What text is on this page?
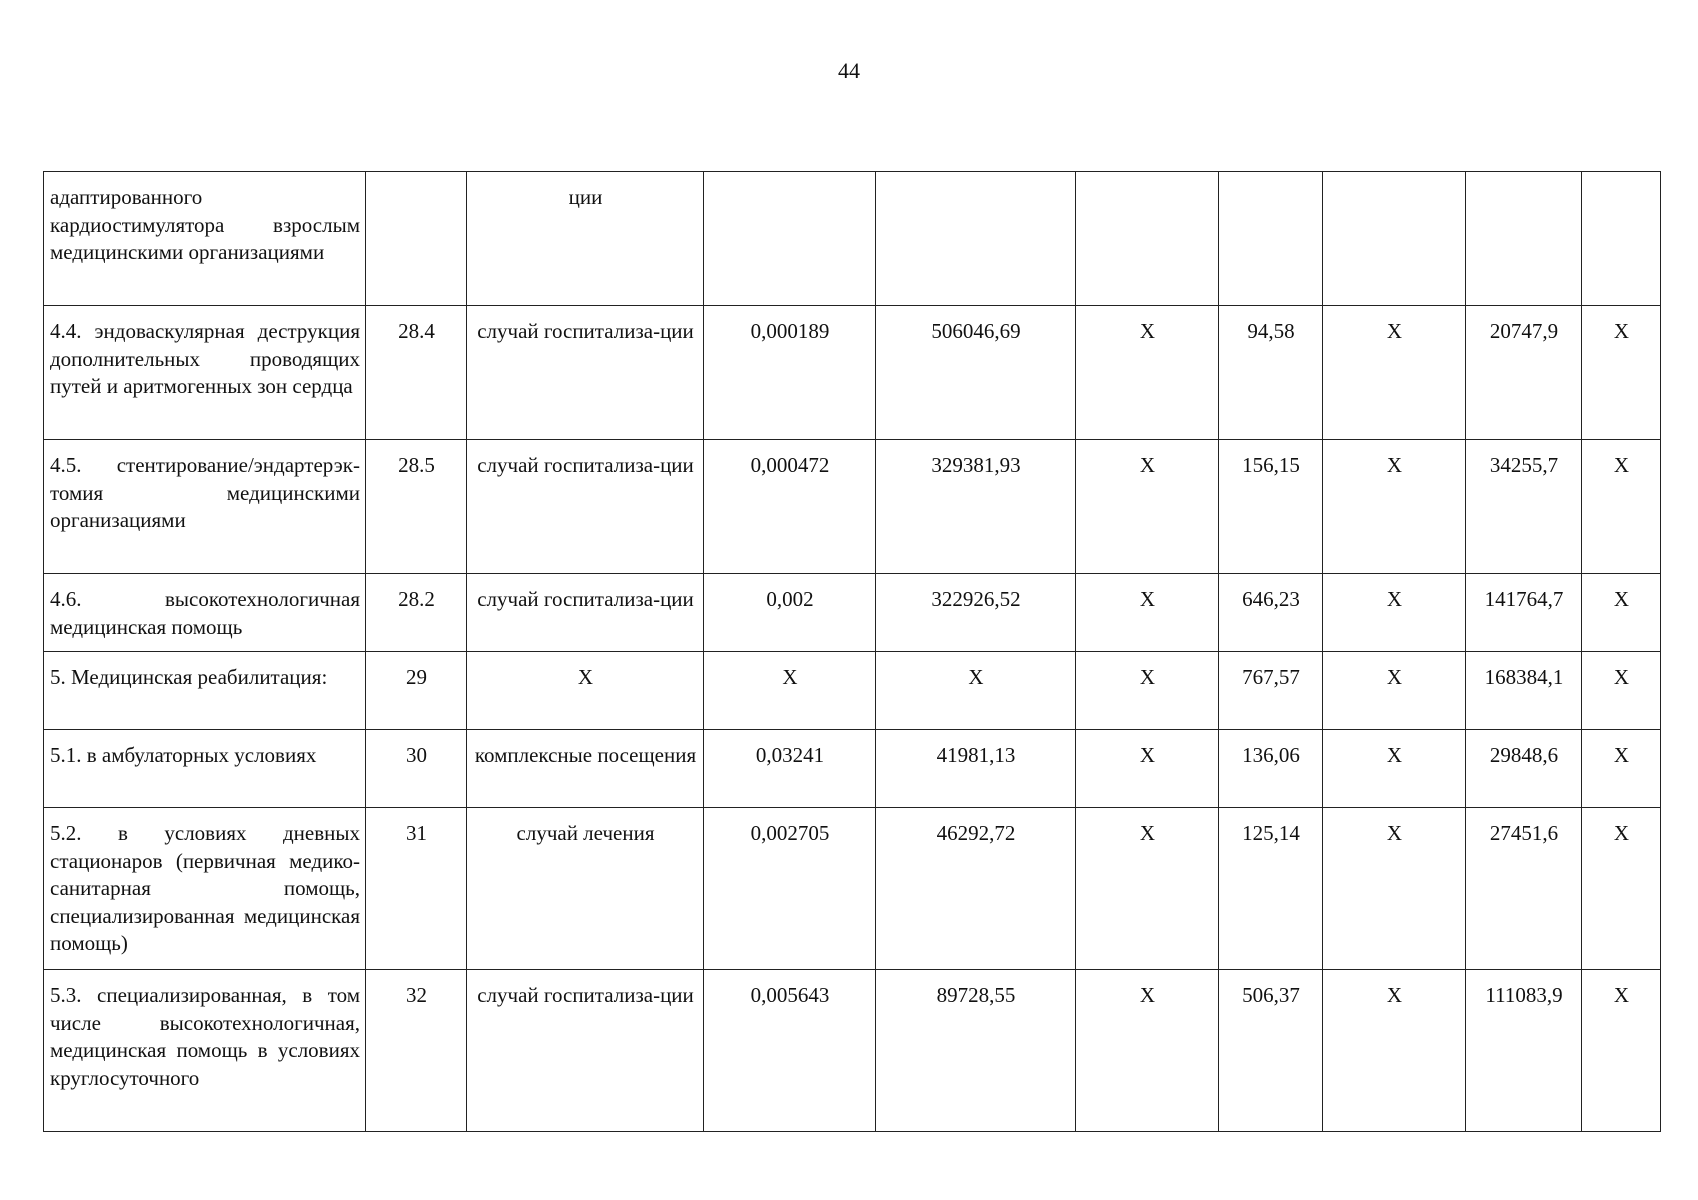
44
адаптированного кардиостимулятора взрослым медицинскими организациями		ции							
4.4. эндоваскулярная деструкция дополнительных проводящих путей и аритмогенных зон сердца	28.4	случай госпитализа-ции	0,000189	506046,69	X	94,58	X	20747,9	X
4.5. стентирование/эндартерэк-томия медицинскими организациями	28.5	случай госпитализа-ции	0,000472	329381,93	X	156,15	X	34255,7	X
4.6. высокотехнологичная медицинская помощь	28.2	случай госпитализа-ции	0,002	322926,52	X	646,23	X	141764,7	X
5. Медицинская реабилитация:	29	X	X	X	X	767,57	X	168384,1	X
5.1. в амбулаторных условиях	30	комплексные посещения	0,03241	41981,13	X	136,06	X	29848,6	X
5.2. в условиях дневных стационаров (первичная медико-санитарная помощь, специализированная медицинская помощь)	31	случай лечения	0,002705	46292,72	X	125,14	X	27451,6	X
5.3. специализированная, в том числе высокотехнологичная, медицинская помощь в условиях круглосуточного	32	случай госпитализа-ции	0,005643	89728,55	X	506,37	X	111083,9	X
